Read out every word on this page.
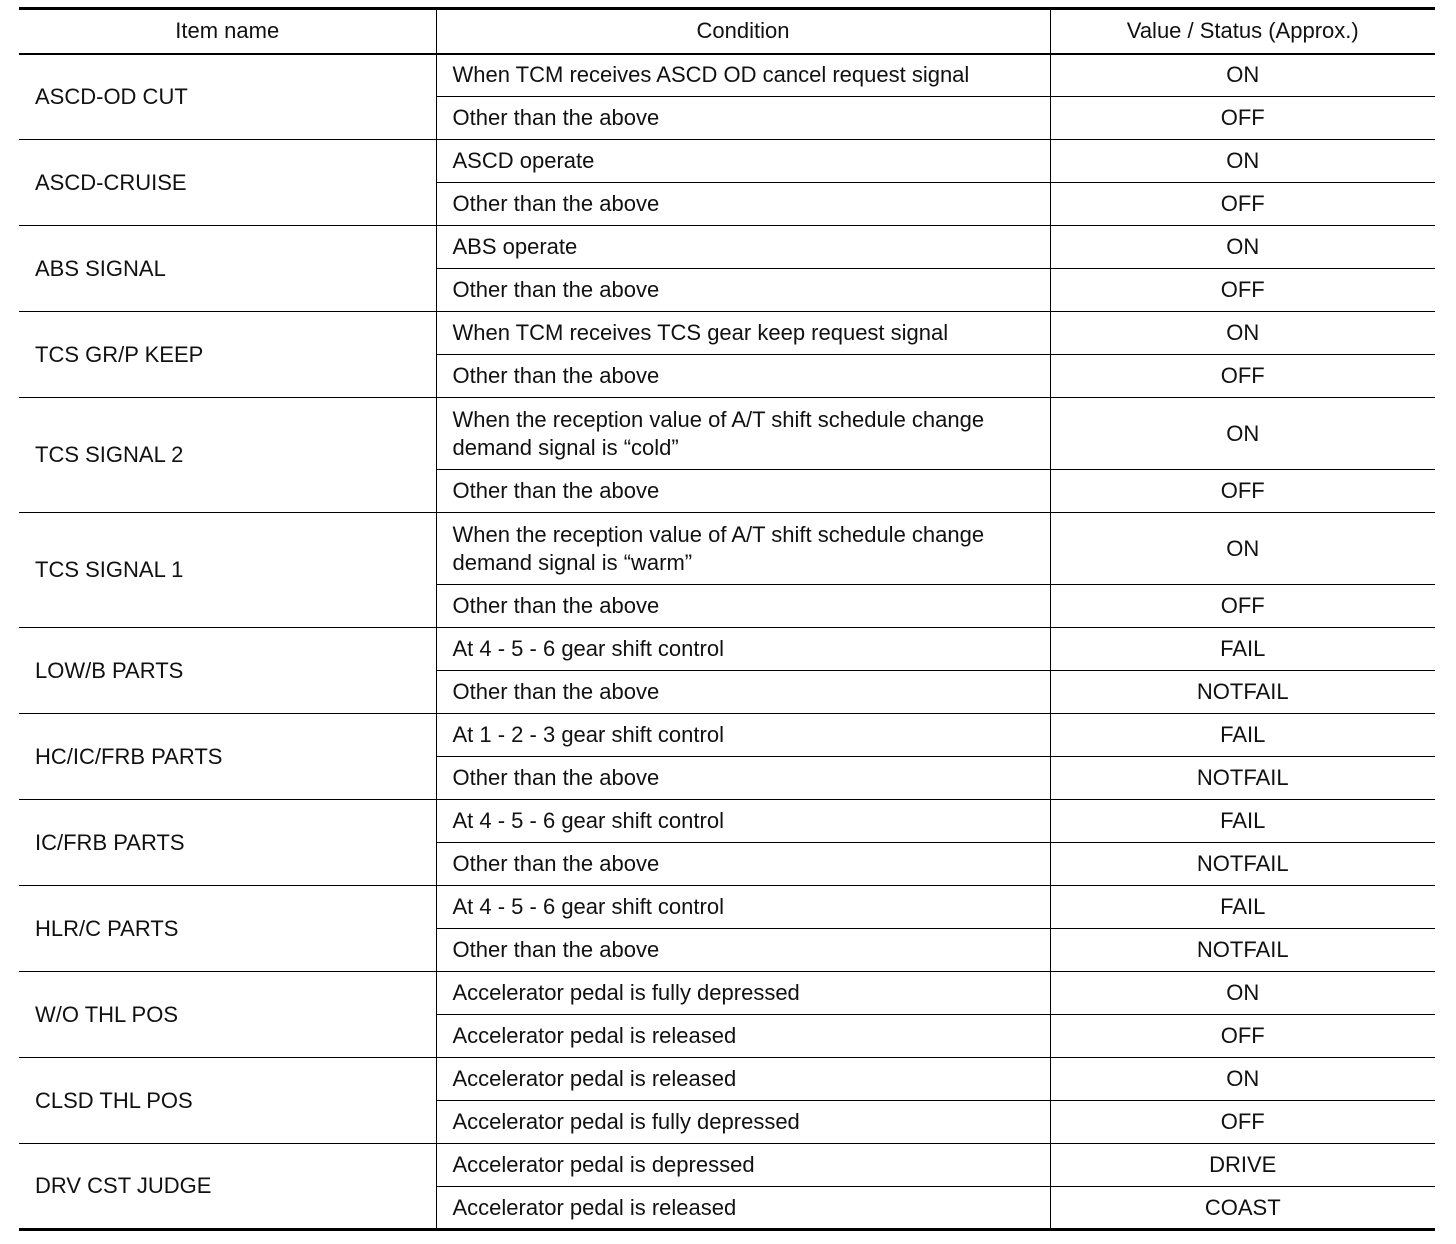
Item name	Condition	Value / Status (Approx.)
ASCD-OD CUT	When TCM receives ASCD OD cancel request signal	ON
	Other than the above	OFF
ASCD-CRUISE	ASCD operate	ON
	Other than the above	OFF
ABS SIGNAL	ABS operate	ON
	Other than the above	OFF
TCS GR/P KEEP	When TCM receives TCS gear keep request signal	ON
	Other than the above	OFF
TCS SIGNAL 2	When the reception value of A/T shift schedule change demand signal is “cold”	ON
	Other than the above	OFF
TCS SIGNAL 1	When the reception value of A/T shift schedule change demand signal is “warm”	ON
	Other than the above	OFF
LOW/B PARTS	At 4 - 5 - 6 gear shift control	FAIL
	Other than the above	NOTFAIL
HC/IC/FRB PARTS	At 1 - 2 - 3 gear shift control	FAIL
	Other than the above	NOTFAIL
IC/FRB PARTS	At 4 - 5 - 6 gear shift control	FAIL
	Other than the above	NOTFAIL
HLR/C PARTS	At 4 - 5 - 6 gear shift control	FAIL
	Other than the above	NOTFAIL
W/O THL POS	Accelerator pedal is fully depressed	ON
	Accelerator pedal is released	OFF
CLSD THL POS	Accelerator pedal is released	ON
	Accelerator pedal is fully depressed	OFF
DRV CST JUDGE	Accelerator pedal is depressed	DRIVE
	Accelerator pedal is released	COAST
